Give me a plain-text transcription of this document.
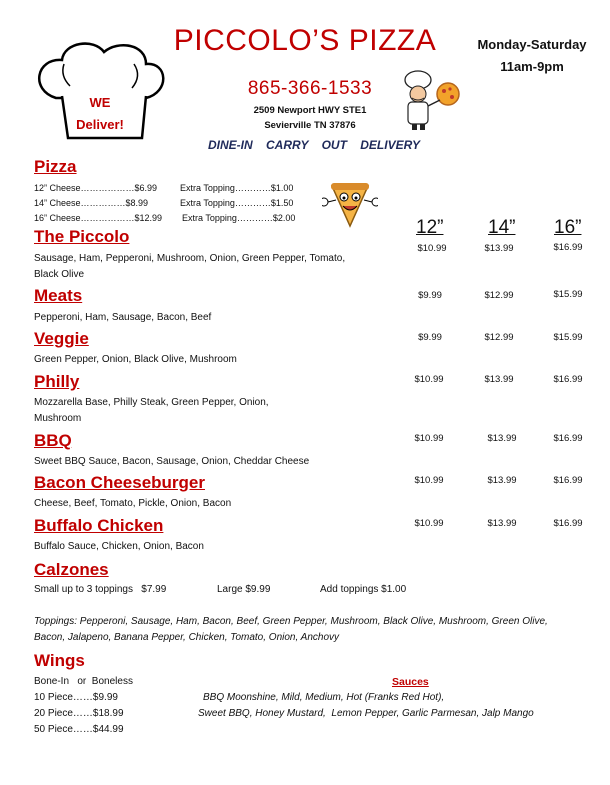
PICCOLO’S PIZZA	Monday-Saturday
11am-9pm
865-366-1533
2509 Newport HWY STE1
Sevierville TN 37876
DINE-IN CARRY OUT DELIVERY
WE
Deliver!
Pizza
12” Cheese………………$6.99	Extra Topping…………$1.00
14” Cheese……………$8.99	Extra Topping…………$1.50
16” Cheese………………$12.99 Extra Topping…………$2.00	12” 14” 16”
The Piccolo
Sausage, Ham, Pepperoni, Mushroom, Onion, Green Pepper, Tomato, Black Olive
$10.99	$13.99	$16.99
Meats
Pepperoni, Ham, Sausage, Bacon, Beef
$9.99	$12.99	$15.99
Veggie
Green Pepper, Onion, Black Olive, Mushroom
$9.99	$12.99	$15.99
Philly
Mozzarella Base, Philly Steak, Green Pepper, Onion, Mushroom
$10.99	$13.99	$16.99
BBQ
Sweet BBQ Sauce, Bacon, Sausage, Onion, Cheddar Cheese
$10.99	$13.99	$16.99
Bacon Cheeseburger
Cheese, Beef, Tomato, Pickle, Onion, Bacon
$10.99	$13.99	$16.99
Buffalo Chicken
Buffalo Sauce, Chicken, Onion, Bacon
$10.99	$13.99	$16.99
Calzones
Small up to 3 toppings   $7.99	Large $9.99	Add toppings $1.00
Toppings: Pepperoni, Sausage, Ham, Bacon, Beef, Green Pepper, Mushroom, Black Olive, Mushroom, Green Olive, Bacon, Jalapeno, Banana Pepper, Chicken, Tomato, Onion, Anchovy
Wings
Bone-In   or  Boneless
10 Piece……$9.99
20 Piece……$18.99
50 Piece……$44.99
Sauces
BBQ Moonshine, Mild, Medium, Hot (Franks Red Hot),
Sweet BBQ, Honey Mustard,  Lemon Pepper, Garlic Parmesan, Jalp Mango
